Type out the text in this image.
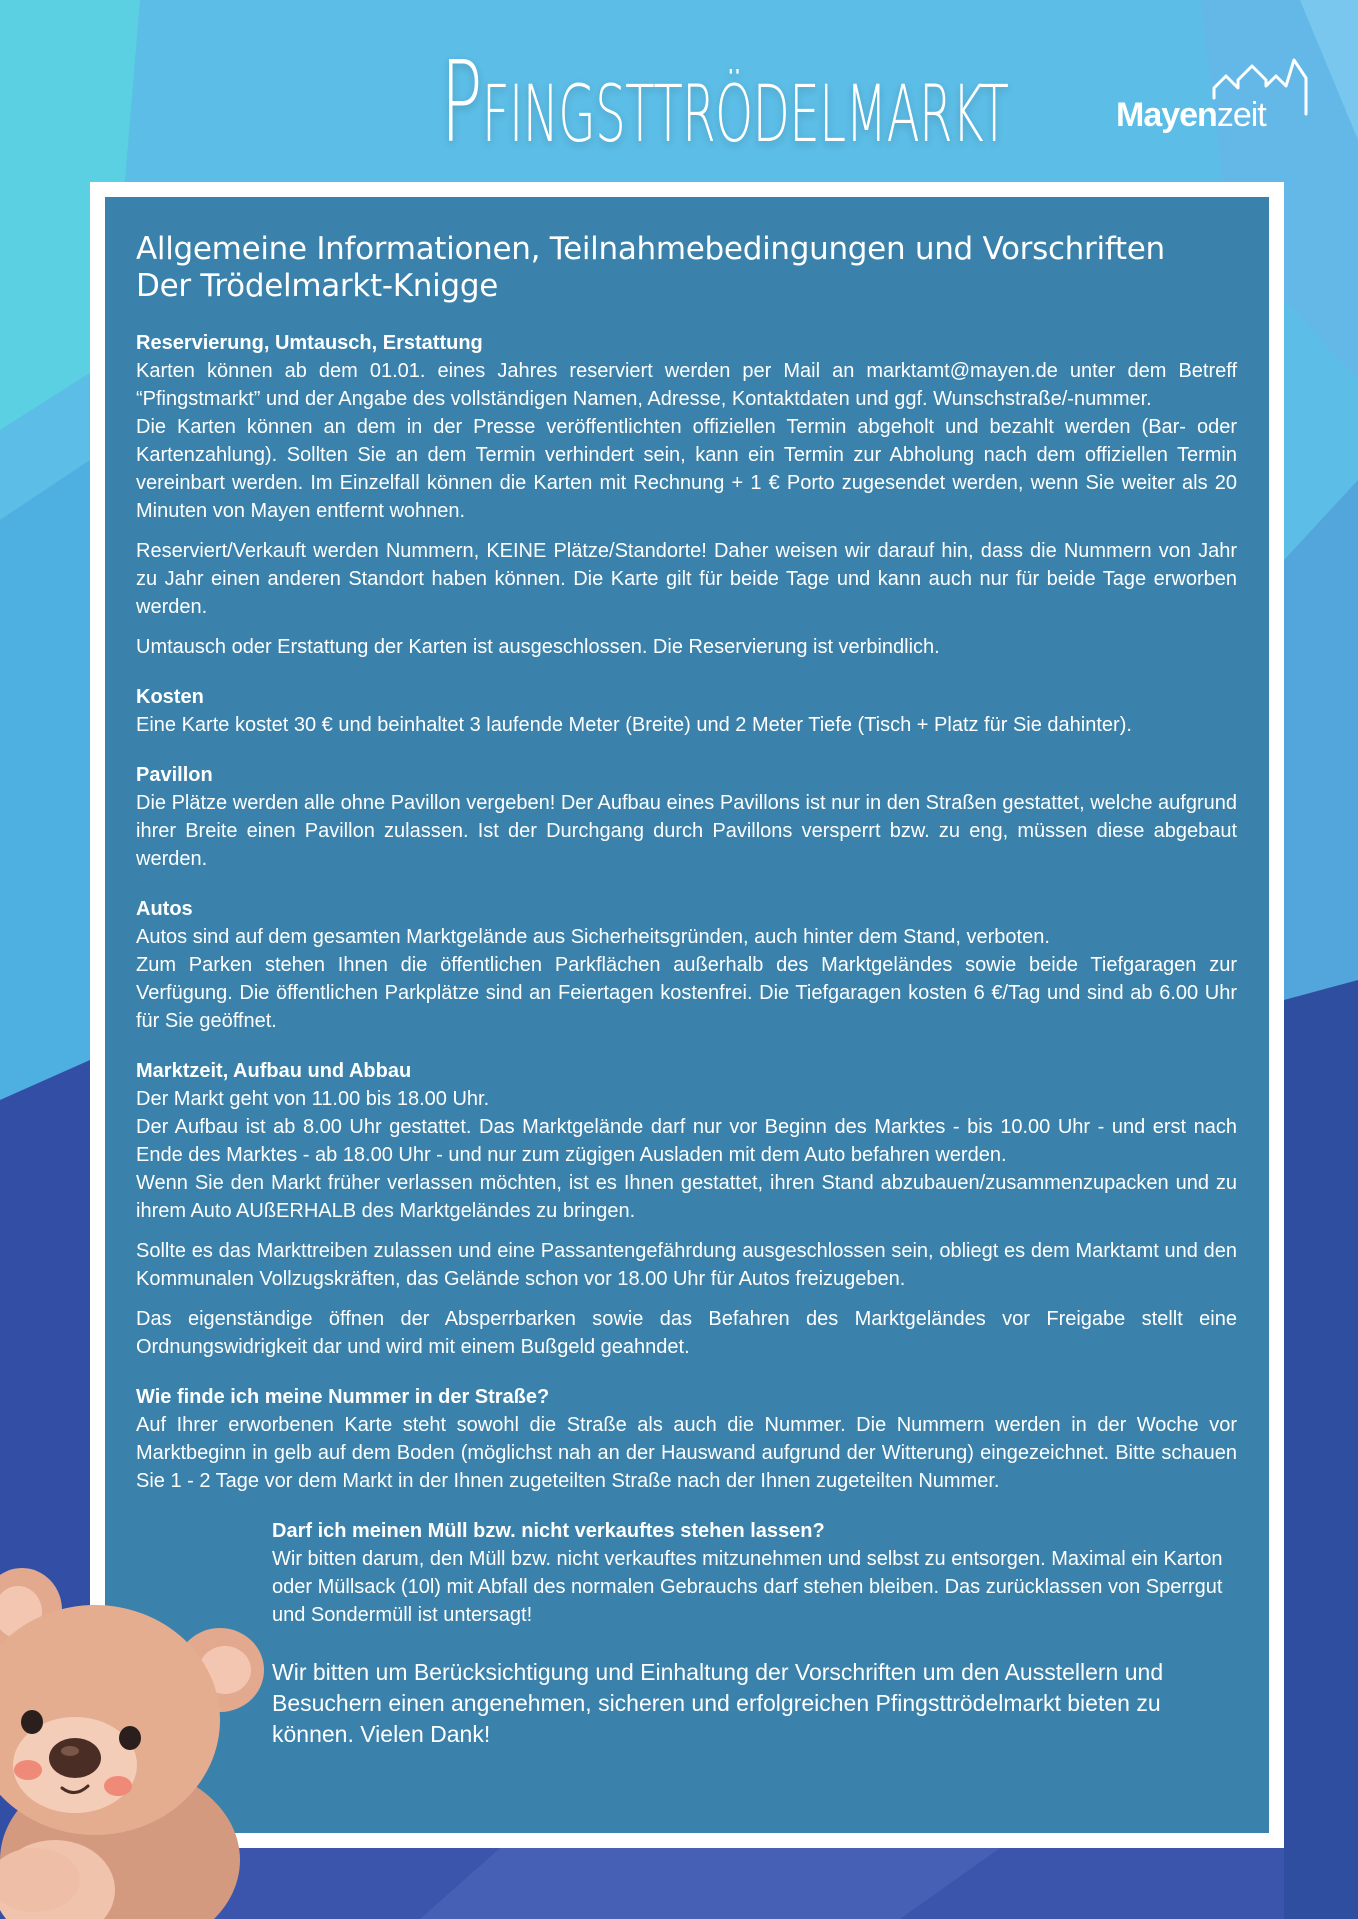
Pfingsttrödelmarkt	Mayenzeit
Allgemeine Informationen, Teilnahmebedingungen und Vorschriften
Der Trödelmarkt-Knigge
Reservierung, Umtausch, Erstattung

Karten können ab dem 01.01. eines Jahres reserviert werden per Mail an marktamt@mayen.de unter dem Betreff “Pfingstmarkt” und der Angabe des vollständigen Namen, Adresse, Kontaktdaten und ggf. Wunschstraße/-nummer.
Die Karten können an dem in der Presse veröffentlichten offiziellen Termin abgeholt und bezahlt werden (Bar- oder Kartenzahlung). Sollten Sie an dem Termin verhindert sein, kann ein Termin zur Abholung nach dem offiziellen Termin vereinbart werden. Im Einzelfall können die Karten mit Rechnung + 1 € Porto zugesendet werden, wenn Sie weiter als 20 Minuten von Mayen entfernt wohnen.

Reserviert/Verkauft werden Nummern, KEINE Plätze/Standorte! Daher weisen wir darauf hin, dass die Nummern von Jahr zu Jahr einen anderen Standort haben können. Die Karte gilt für beide Tage und kann auch nur für beide Tage erworben werden.

Umtausch oder Erstattung der Karten ist ausgeschlossen. Die Reservierung ist verbindlich.

Kosten

Eine Karte kostet 30 € und beinhaltet 3 laufende Meter (Breite) und 2 Meter Tiefe (Tisch + Platz für Sie dahinter).

Pavillon

Die Plätze werden alle ohne Pavillon vergeben! Der Aufbau eines Pavillons ist nur in den Straßen gestattet, welche aufgrund ihrer Breite einen Pavillon zulassen. Ist der Durchgang durch Pavillons versperrt bzw. zu eng, müssen diese abgebaut werden.

Autos

Autos sind auf dem gesamten Marktgelände aus Sicherheitsgründen, auch hinter dem Stand, verboten.
Zum Parken stehen Ihnen die öffentlichen Parkflächen außerhalb des Marktgeländes sowie beide Tiefgaragen zur Verfügung. Die öffentlichen Parkplätze sind an Feiertagen kostenfrei. Die Tiefgaragen kosten 6 €/Tag und sind ab 6.00 Uhr für Sie geöffnet.

Marktzeit, Aufbau und Abbau

Der Markt geht von 11.00 bis 18.00 Uhr.
Der Aufbau ist ab 8.00 Uhr gestattet. Das Marktgelände darf nur vor Beginn des Marktes - bis 10.00 Uhr - und erst nach Ende des Marktes - ab 18.00 Uhr - und nur zum zügigen Ausladen mit dem Auto befahren werden.
Wenn Sie den Markt früher verlassen möchten, ist es Ihnen gestattet, ihren Stand abzubauen/zusammenzupacken und zu ihrem Auto AUßERHALB des Marktgeländes zu bringen.

Sollte es das Markttreiben zulassen und eine Passantengefährdung ausgeschlossen sein, obliegt es dem Marktamt und den Kommunalen Vollzugskräften, das Gelände schon vor 18.00 Uhr für Autos freizugeben.

Das eigenständige öffnen der Absperrbarken sowie das Befahren des Marktgeländes vor Freigabe stellt eine Ordnungswidrigkeit dar und wird mit einem Bußgeld geahndet.

Wie finde ich meine Nummer in der Straße?

Auf Ihrer erworbenen Karte steht sowohl die Straße als auch die Nummer. Die Nummern werden in der Woche vor Marktbeginn in gelb auf dem Boden (möglichst nah an der Hauswand aufgrund der Witterung) eingezeichnet. Bitte schauen Sie 1 - 2 Tage vor dem Markt in der Ihnen zugeteilten Straße nach der Ihnen zugeteilten Nummer.

Darf ich meinen Müll bzw. nicht verkauftes stehen lassen?

Wir bitten darum, den Müll bzw. nicht verkauftes mitzunehmen und selbst zu entsorgen. Maximal ein Karton oder Müllsack (10l) mit Abfall des normalen Gebrauchs darf stehen bleiben. Das zurücklassen von Sperrgut und Sondermüll ist untersagt!

Wir bitten um Berücksichtigung und Einhaltung der Vorschriften um den Ausstellern und Besuchern einen angenehmen, sicheren und erfolgreichen Pfingsttrödelmarkt bieten zu können. Vielen Dank!
